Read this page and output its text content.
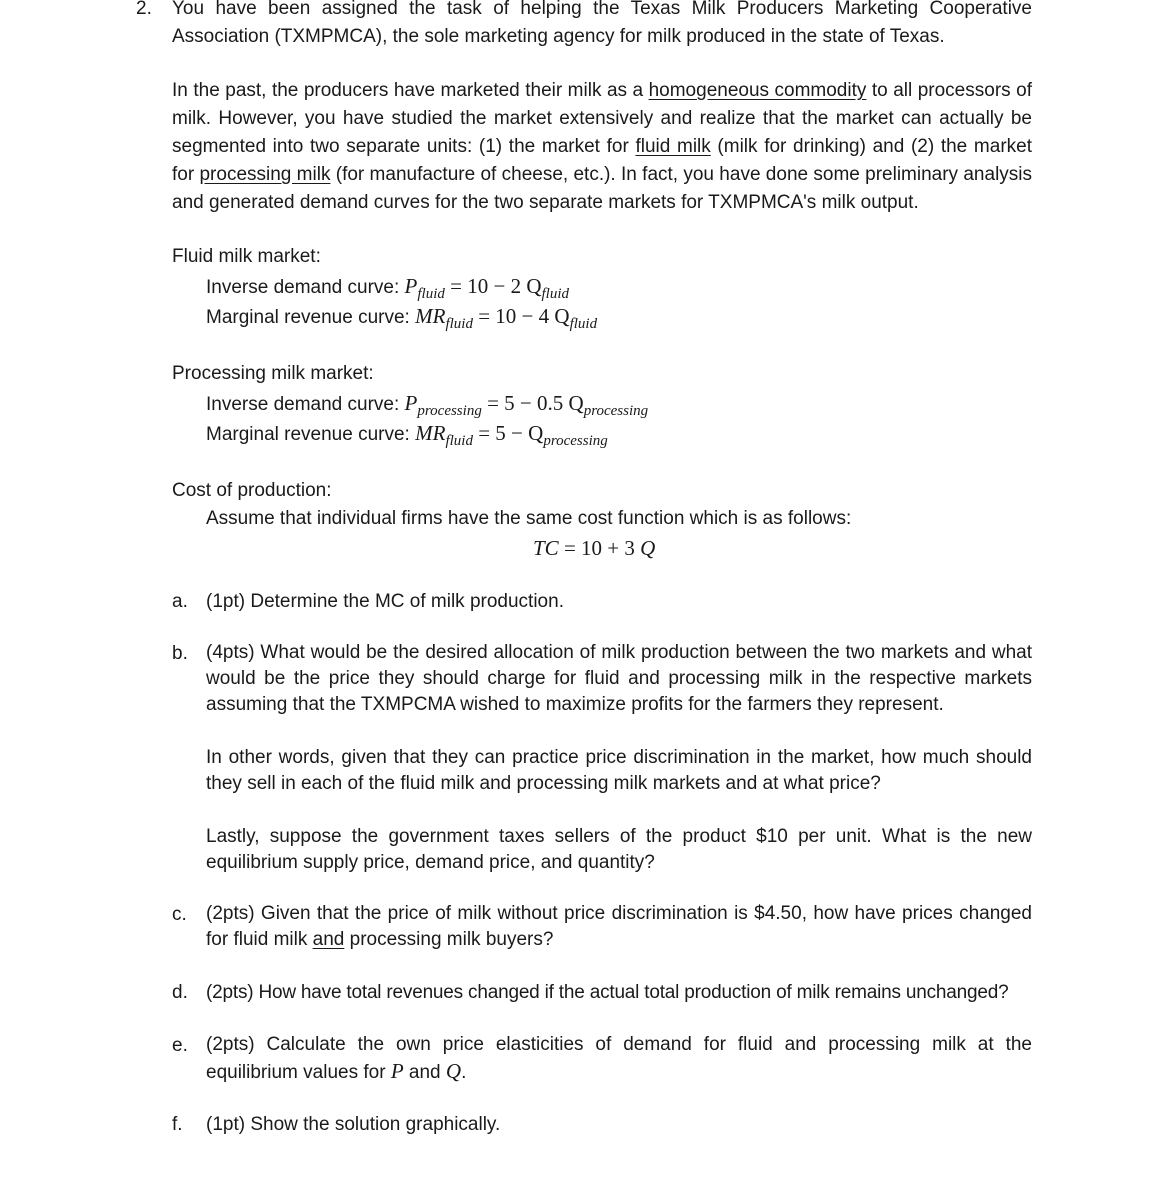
2. You have been assigned the task of helping the Texas Milk Producers Marketing Cooperative Association (TXMPMCA), the sole marketing agency for milk produced in the state of Texas.
In the past, the producers have marketed their milk as a homogeneous commodity to all processors of milk. However, you have studied the market extensively and realize that the market can actually be segmented into two separate units: (1) the market for fluid milk (milk for drinking) and (2) the market for processing milk (for manufacture of cheese, etc.). In fact, you have done some preliminary analysis and generated demand curves for the two separate markets for TXMPMCA's milk output.
Fluid milk market:
Inverse demand curve: $P_{fluid} = 10 - 2$ $Q_{fluid}$
Marginal revenue curve: $MR_{fluid} = 10 - 4$ $Q_{fluid}$
Processing milk market:
Inverse demand curve: $P_{processing} = 5 - 0.5$ $Q_{processing}$
Marginal revenue curve: $MR_{fluid} = 5 - Q_{processing}$
Cost of production:
Assume that individual firms have the same cost function which is as follows:
TC = 10 + 3 Q
a. (1pt) Determine the MC of milk production.
b. (4pts) What would be the desired allocation of milk production between the two markets and what would be the price they should charge for fluid and processing milk in the respective markets assuming that the TXMPCMA wished to maximize profits for the farmers they represent.
In other words, given that they can practice price discrimination in the market, how much should they sell in each of the fluid milk and processing milk markets and at what price?
Lastly, suppose the government taxes sellers of the product $10 per unit. What is the new equilibrium supply price, demand price, and quantity?
c. (2pts) Given that the price of milk without price discrimination is $4.50, how have prices changed for fluid milk and processing milk buyers?
d. (2pts) How have total revenues changed if the actual total production of milk remains unchanged?
e. (2pts) Calculate the own price elasticities of demand for fluid and processing milk at the equilibrium values for P and Q.
f. (1pt) Show the solution graphically.
